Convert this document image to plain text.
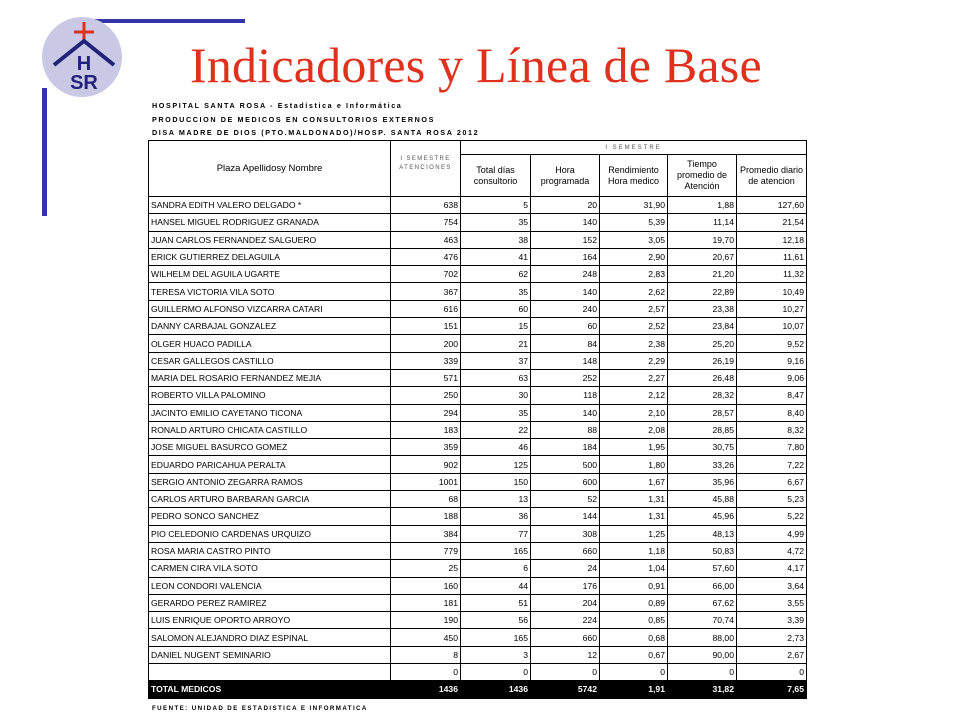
H
SR Indicadores y Línea de Base
HOSPITAL SANTA ROSA - Estadística e Informática
PRODUCCION DE MEDICOS EN CONSULTORIOS EXTERNOS
DISA MADRE DE DIOS (PTO.MALDONADO)/HOSP. SANTA ROSA 2012
Plaza Apellidosy Nombre	I SEMESTRE ATENCIONES	I SEMESTRE				
		Total días consultorio	Hora programada	Rendimiento Hora medico	Tiempo promedio de Atención	Promedio diario de atencion
SANDRA EDITH VALERO DELGADO *	638	5	20	31,90	1,88	127,60
HANSEL MIGUEL RODRIGUEZ GRANADA	754	35	140	5,39	11,14	21,54
JUAN CARLOS FERNANDEZ SALGUERO	463	38	152	3,05	19,70	12,18
ERICK GUTIERREZ DELAGUILA	476	41	164	2,90	20,67	11,61
WILHELM DEL AGUILA UGARTE	702	62	248	2,83	21,20	11,32
TERESA VICTORIA VILA SOTO	367	35	140	2,62	22,89	10,49
GUILLERMO ALFONSO VIZCARRA CATARI	616	60	240	2,57	23,38	10,27
DANNY CARBAJAL GONZALEZ	151	15	60	2,52	23,84	10,07
OLGER HUACO PADILLA	200	21	84	2,38	25,20	9,52
CESAR GALLEGOS CASTILLO	339	37	148	2,29	26,19	9,16
MARIA DEL ROSARIO FERNANDEZ MEJIA	571	63	252	2,27	26,48	9,06
ROBERTO VILLA PALOMINO	250	30	118	2,12	28,32	8,47
JACINTO EMILIO CAYETANO TICONA	294	35	140	2,10	28,57	8,40
RONALD ARTURO CHICATA CASTILLO	183	22	88	2,08	28,85	8,32
JOSE MIGUEL BASURCO GOMEZ	359	46	184	1,95	30,75	7,80
EDUARDO PARICAHUA PERALTA	902	125	500	1,80	33,26	7,22
SERGIO ANTONIO ZEGARRA RAMOS	1001	150	600	1,67	35,96	6,67
CARLOS ARTURO BARBARAN GARCIA	68	13	52	1,31	45,88	5,23
PEDRO SONCO SANCHEZ	188	36	144	1,31	45,96	5,22
PIO CELEDONIO CARDENAS URQUIZO	384	77	308	1,25	48,13	4,99
ROSA MARIA CASTRO PINTO	779	165	660	1,18	50,83	4,72
CARMEN CIRA VILA SOTO	25	6	24	1,04	57,60	4,17
LEON CONDORI VALENCIA	160	44	176	0,91	66,00	3,64
GERARDO PEREZ RAMIREZ	181	51	204	0,89	67,62	3,55
LUIS ENRIQUE OPORTO ARROYO	190	56	224	0,85	70,74	3,39
SALOMON ALEJANDRO DIAZ ESPINAL	450	165	660	0,68	88,00	2,73
DANIEL NUGENT SEMINARIO	8	3	12	0,67	90,00	2,67
	0	0	0	0	0	0
TOTAL MEDICOS	1436	1436	5742	1,91	31,82	7,65
FUENTE: UNIDAD DE ESTADISTICA E INFORMATICA
